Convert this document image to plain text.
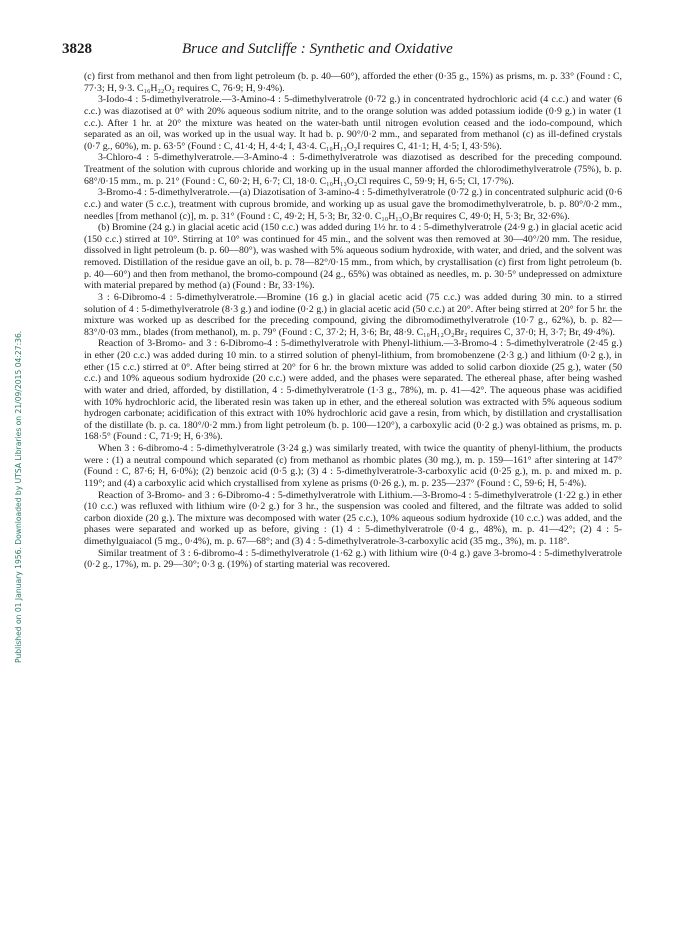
3828	Bruce and Sutcliffe : Synthetic and Oxidative
Published on 01 January 1956. Downloaded by UTSA Libraries on 21/09/2015 04:27:36.

(c) first from methanol and then from light petroleum (b. p. 40—60°), afforded the ether (0·35 g., 15%) as prisms, m. p. 33° (Found : C, 77·3; H, 9·3. C₁₆H₂₂O₂ requires C, 76·9; H, 9·4%).

3-Iodo-4 : 5-dimethylveratrole.—3-Amino-4 : 5-dimethylveratrole (0·72 g.) in concentrated hydrochloric acid (4 c.c.) and water (6 c.c.) was diazotised at 0° with 20% aqueous sodium nitrite, and to the orange solution was added potassium iodide (0·9 g.) in water (1 c.c.). After 1 hr. at 20° the mixture was heated on the water-bath until nitrogen evolution ceased and the iodo-compound, which separated as an oil, was worked up in the usual way. It had b. p. 90°/0·2 mm., and separated from methanol (c) as ill-defined crystals (0·7 g., 60%), m. p. 63·5° (Found : C, 41·4; H, 4·4; I, 43·4. C₁₀H₁₃O₂I requires C, 41·1; H, 4·5; I, 43·5%).

3-Chloro-4 : 5-dimethylveratrole.—3-Amino-4 : 5-dimethylveratrole was diazotised as described for the preceding compound. Treatment of the solution with cuprous chloride and working up in the usual manner afforded the chlorodimethylveratrole (75%), b. p. 68°/0·15 mm., m. p. 21° (Found : C, 60·2; H, 6·7; Cl, 18·0. C₁₀H₁₃O₂Cl requires C, 59·9; H, 6·5; Cl, 17·7%).

3-Bromo-4 : 5-dimethylveratrole.—(a) Diazotisation of 3-amino-4 : 5-dimethylveratrole (0·72 g.) in concentrated sulphuric acid (0·6 c.c.) and water (5 c.c.), treatment with cuprous bromide, and working up as usual gave the bromodimethylveratrole, b. p. 80°/0·2 mm., needles [from methanol (c)], m. p. 31° (Found : C, 49·2; H, 5·3; Br, 32·0. C₁₀H₁₃O₂Br requires C, 49·0; H, 5·3; Br, 32·6%).

(b) Bromine (24 g.) in glacial acetic acid (150 c.c.) was added during 1½ hr. to 4 : 5-dimethylveratrole (24·9 g.) in glacial acetic acid (150 c.c.) stirred at 10°. Stirring at 10° was continued for 45 min., and the solvent was then removed at 30—40°/20 mm. The residue, dissolved in light petroleum (b. p. 60—80°), was washed with 5% aqueous sodium hydroxide, with water, and dried, and the solvent was removed. Distillation of the residue gave an oil, b. p. 78—82°/0·15 mm., from which, by crystallisation (c) first from light petroleum (b. p. 40—60°) and then from methanol, the bromo-compound (24 g., 65%) was obtained as needles, m. p. 30·5° undepressed on admixture with material prepared by method (a) (Found : Br, 33·1%).

3 : 6-Dibromo-4 : 5-dimethylveratrole.—Bromine (16 g.) in glacial acetic acid (75 c.c.) was added during 30 min. to a stirred solution of 4 : 5-dimethylveratrole (8·3 g.) and iodine (0·2 g.) in glacial acetic acid (50 c.c.) at 20°. After being stirred at 20° for 5 hr. the mixture was worked up as described for the preceding compound, giving the dibromodimethylveratrole (10·7 g., 62%), b. p. 82—83°/0·03 mm., blades (from methanol), m. p. 79° (Found : C, 37·2; H, 3·6; Br, 48·9. C₁₀H₁₂O₂Br₂ requires C, 37·0; H, 3·7; Br, 49·4%).

Reaction of 3-Bromo- and 3 : 6-Dibromo-4 : 5-dimethylveratrole with Phenyl-lithium.—3-Bromo-4 : 5-dimethylveratrole (2·45 g.) in ether (20 c.c.) was added during 10 min. to a stirred solution of phenyl-lithium, from bromobenzene (2·3 g.) and lithium (0·2 g.), in ether (15 c.c.) stirred at 0°. After being stirred at 20° for 6 hr. the brown mixture was added to solid carbon dioxide (25 g.), water (50 c.c.) and 10% aqueous sodium hydroxide (20 c.c.) were added, and the phases were separated. The ethereal phase, after being washed with water and dried, afforded, by distillation, 4 : 5-dimethylveratrole (1·3 g., 78%), m. p. 41—42°. The aqueous phase was acidified with 10% hydrochloric acid, the liberated resin was taken up in ether, and the ethereal solution was extracted with 5% aqueous sodium hydrogen carbonate; acidification of this extract with 10% hydrochloric acid gave a resin, from which, by distillation and crystallisation of the distillate (b. p. ca. 180°/0·2 mm.) from light petroleum (b. p. 100—120°), a carboxylic acid (0·2 g.) was obtained as prisms, m. p. 168·5° (Found : C, 71·9; H, 6·3%).

When 3 : 6-dibromo-4 : 5-dimethylveratrole (3·24 g.) was similarly treated, with twice the quantity of phenyl-lithium, the products were : (1) a neutral compound which separated (c) from methanol as rhombic plates (30 mg.), m. p. 159—161° after sintering at 147° (Found : C, 87·6; H, 6·0%); (2) benzoic acid (0·5 g.); (3) 4 : 5-dimethylveratrole-3-carboxylic acid (0·25 g.), m. p. and mixed m. p. 119°; and (4) a carboxylic acid which crystallised from xylene as prisms (0·26 g.), m. p. 235—237° (Found : C, 59·6; H, 5·4%).

Reaction of 3-Bromo- and 3 : 6-Dibromo-4 : 5-dimethylveratrole with Lithium.—3-Bromo-4 : 5-dimethylveratrole (1·22 g.) in ether (10 c.c.) was refluxed with lithium wire (0·2 g.) for 3 hr., the suspension was cooled and filtered, and the filtrate was added to solid carbon dioxide (20 g.). The mixture was decomposed with water (25 c.c.), 10% aqueous sodium hydroxide (10 c.c.) was added, and the phases were separated and worked up as before, giving : (1) 4 : 5-dimethylveratrole (0·4 g., 48%), m. p. 41—42°; (2) 4 : 5-dimethylguaiacol (5 mg., 0·4%), m. p. 67—68°; and (3) 4 : 5-dimethylveratrole-3-carboxylic acid (35 mg., 3%), m. p. 118°.

Similar treatment of 3 : 6-dibromo-4 : 5-dimethylveratrole (1·62 g.) with lithium wire (0·4 g.) gave 3-bromo-4 : 5-dimethylveratrole (0·2 g., 17%), m. p. 29—30°; 0·3 g. (19%) of starting material was recovered.
